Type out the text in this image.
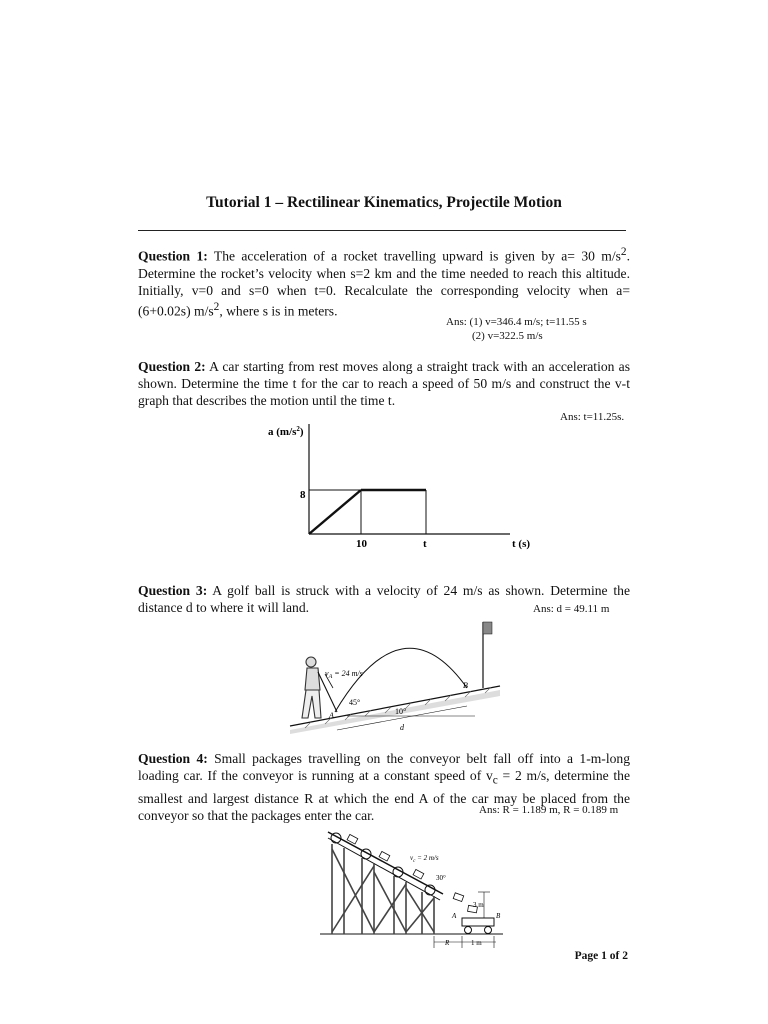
Tutorial 1 – Rectilinear Kinematics, Projectile Motion
Question 1: The acceleration of a rocket travelling upward is given by a= 30 $m/s^2$. Determine the rocket’s velocity when s=2 km and the time needed to reach this altitude. Initially, v=0 and s=0 when t=0. Recalculate the corresponding velocity when a= (6+0.02s) $m/s^2$, where s is in meters.
Ans: (1) v=346.4 m/s; t=11.55 s
(2) v=322.5 m/s
Question 2: A car starting from rest moves along a straight track with an acceleration as shown. Determine the time t for the car to reach a speed of 50 m/s and construct the v-t graph that describes the motion until the time t.
Ans: t=11.25s.
a $(m/s^2)$
8
10	t	t (s)
Question 3: A golf ball is struck with a velocity of 24 m/s as shown. Determine the distance d to where it will land.	Ans: d = 49.11 m
$v_A = 24$ m/s
A
45°
10°
B
d
Question 4: Small packages travelling on the conveyor belt fall off into a 1-m-long loading car. If the conveyor is running at a constant speed of $v_c = 2$ m/s, determine the smallest and largest distance R at which the end A of the car may be placed from the conveyor so that the packages enter the car.	Ans: R = 1.189 m, R = 0.189 m
$v_c = 2$ m/s
30°
3 m
A	B
R	1 m
Page 1 of 2
